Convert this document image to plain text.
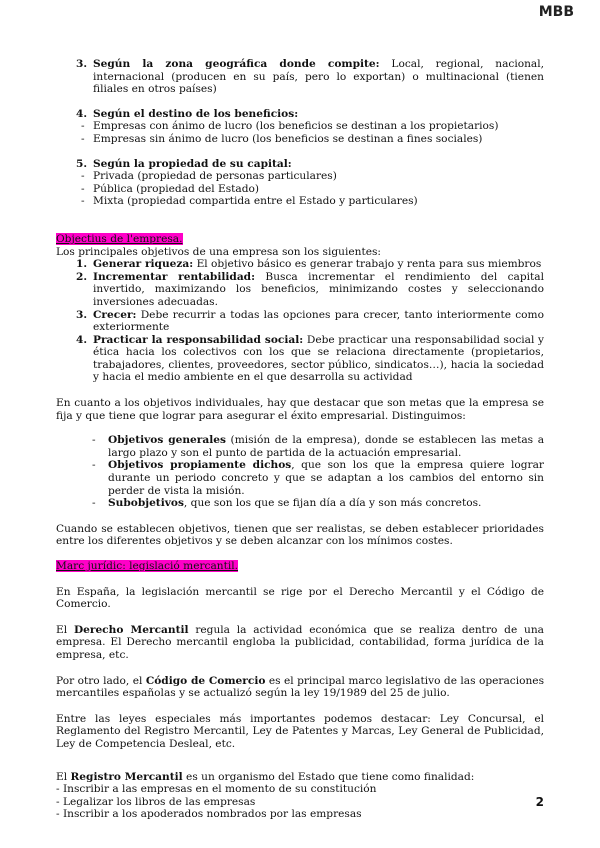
MBB
3. Según la zona geográfica donde compite: Local, regional, nacional, internacional (producen en su país, pero lo exportan) o multinacional (tienen filiales en otros países)
4. Según el destino de los beneficios:
- Empresas con ánimo de lucro (los beneficios se destinan a los propietarios)
- Empresas sin ánimo de lucro (los beneficios se destinan a fines sociales)
5. Según la propiedad de su capital:
- Privada (propiedad de personas particulares)
- Pública (propiedad del Estado)
- Mixta (propiedad compartida entre el Estado y particulares)
Objectius de l'empresa.
Los principales objetivos de una empresa son los siguientes:
1. Generar riqueza: El objetivo básico es generar trabajo y renta para sus miembros
2. Incrementar rentabilidad: Busca incrementar el rendimiento del capital invertido, maximizando los beneficios, minimizando costes y seleccionando inversiones adecuadas.
3. Crecer: Debe recurrir a todas las opciones para crecer, tanto interiormente como exteriormente
4. Practicar la responsabilidad social: Debe practicar una responsabilidad social y ética hacia los colectivos con los que se relaciona directamente (propietarios, trabajadores, clientes, proveedores, sector público, sindicatos…), hacia la sociedad y hacia el medio ambiente en el que desarrolla su actividad
En cuanto a los objetivos individuales, hay que destacar que son metas que la empresa se fija y que tiene que lograr para asegurar el éxito empresarial. Distinguimos:
- Objetivos generales (misión de la empresa), donde se establecen las metas a largo plazo y son el punto de partida de la actuación empresarial.
- Objetivos propiamente dichos, que son los que la empresa quiere lograr durante un periodo concreto y que se adaptan a los cambios del entorno sin perder de vista la misión.
- Subobjetivos, que son los que se fijan día a día y son más concretos.
Cuando se establecen objetivos, tienen que ser realistas, se deben establecer prioridades entre los diferentes objetivos y se deben alcanzar con los mínimos costes.
Marc jurídic: legislació mercantil.
En España, la legislación mercantil se rige por el Derecho Mercantil y el Código de Comercio.
El Derecho Mercantil regula la actividad económica que se realiza dentro de una empresa. El Derecho mercantil engloba la publicidad, contabilidad, forma jurídica de la empresa, etc.
Por otro lado, el Código de Comercio es el principal marco legislativo de las operaciones mercantiles españolas y se actualizó según la ley 19/1989 del 25 de julio.
Entre las leyes especiales más importantes podemos destacar: Ley Concursal, el Reglamento del Registro Mercantil, Ley de Patentes y Marcas, Ley General de Publicidad, Ley de Competencia Desleal, etc.
El Registro Mercantil es un organismo del Estado que tiene como finalidad:
- Inscribir a las empresas en el momento de su constitución
- Legalizar los libros de las empresas
- Inscribir a los apoderados nombrados por las empresas
2
